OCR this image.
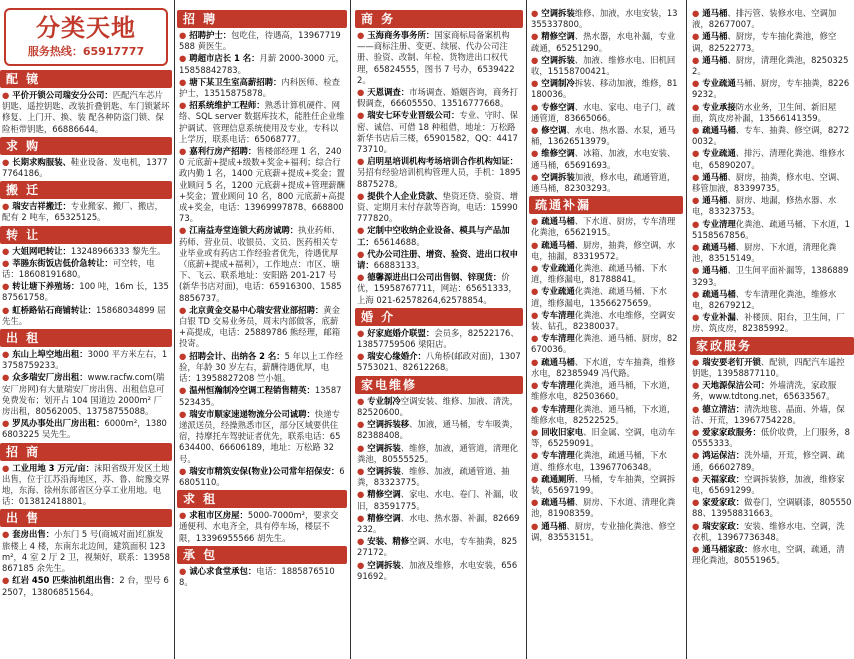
分类天地
服务热线：65917777
配 镜
● 平价开锁公司瑞安分公司：匹配汽车芯片钥匙、遥控钥匙、改装折叠钥匙、车门锁紧坏修复、上门开、换、装 配各种防盗门锁、保险柜带钥匙，66886644。
求 购
● 长期求购服装、鞋业设备、发电机，13777764186。
搬 迁
● 瑞安吉祥搬迁：专业搬家、搬厂、搬店，配有 2 吨车，65325125。
转 让
● 大姐网吧转让：13248966333 黎先生。
● 莘塍东街饭店低价急转让：可空转，电话：18608191680。
● 转让塘下养殖场：100 吨，16m 长，13587561758。
● 虹桥路钻石商铺转让：15868034899 屈先生。
出 租
● 东山上埠空地出租：3000 平方米左右，13758759233。
● 众多瑞安厂房出租：www.racfw.com(瑞安厂房网)有大量瑞安厂房出售、出租信息可免费发布；划开占 104 国道边 2000m² 厂房出租，80562005、13758755088。
● 罗凤办事处出厂房出租：6000m²，13806803225 吴先生。
招 商
● 工业用地 3 万元/亩：沫阳省级开发区土地出售，位于江苏沿海地区，苏、鲁、皖豫交界地，东海、徐州东部省区分享工业用地。电话：013812418801。
出 售
● 套房出售：小东门 5 号(商城对面)红旗发旅楼上 4 楼，东南东北边间，建筑面积 123m²，4 室 2 厅 2 卫，视频好，联系：13958867185 余先生。
● 红岩 450 匹柴油机组出售：2 台，型号 62507，13806851564。
招 聘
● 招聘护士：包吃住，待遇高，13967719588 黄医生。
● 聘超市店长 1 名：月薪 2000-3000 元，15858842783。
● 塘下某卫生室高薪招聘：内科医师、检查护士，13515875878。
● 招系统维护工程师：熟悉计算机硬件、网络、SQL server 数据库技术，能胜任企业维护调试、管理信息系统使用及专业，专科以上学历，联系电话：65068777。
● 嘉利行房产招聘：售楼部经理 1 名，2400 元底薪+提成+级数+奖金+福利；综合行政内勤 1 名，1400 元底薪+提成+奖金；置业顾问 5 名，1200 元底薪+提成+管理薪酬+奖金；置业顾问 10 名，800 元底薪+高提成+奖金，电话：13969997878、66880073。
● 江南益寿堂连锁大药房诚聘：执业药师、药师、营业员、收银员、文员、医药相关专业毕业或有药店工作经验者优先，待遇优厚（底薪+提成+福利），工作地点：市区、塘下、飞云、联系地址：安阳路 201-217 号(新华书店对面)，电话：65916300、15858856737。
● 北京黄金交易中心瑞安营业部招聘：黄金白银 TD 交易业务员，周末内部做客，底薪+高提成，电话：25889786 熊经理，邮箱投寄。
● 招聘会计、出纳各 2 名：5 年以上工作经验，年龄 30 岁左右，薪酬待遇优厚，电话：13958827208 竺小姐。
● 温州恒瀚制冷空调工程销售精英：13587523435。
● 瑞安市顺家速递物流分公司诚聘：快递专递派送员，经操熟悉市区，部分区域要供住宿，持摩托车驾驶证者优先，联系电话：65634400、66606189，地址：万松路 32 号。
● 瑞安市精筑安保(物业)公司常年招保安：66805110。
求 租
● 求租市区房屋：5000-7000m²，要求交通便利、水电齐全，具有停车场，楼层不限，13396955566 胡先生。
承 包
● 诚心求食堂承包：电话：18858765108。
商 务
● 玉海商务事务所：国家商标局备案机构——商标注册、变更、续展、代办公司注册、验资、改制、年检、货物进出口权代理，65824555，图书 7 号办，65394222。
● 天恩调查：市场调查、婚姻咨询，商务打假调查，66605550、13516777668。
● 瑞安七环专业晋级公司：专业、守时、保密、诚信、可借 18 种租借，地址：万松路新华书店后三楼，65901582，QQ：441773710。
● 启明星培训机构考场培训合作机构知证：另招有经验培训机构管理人员，手机：18958875278。
● 提供个人企业贷款、垫资还贷、验资、增资、定期月末付存款等咨询，电话：15990777820。
● 定制中空收纳企业设备、模具与产品加工：65614688。
● 代办公司注册、增资、验资、进出口权申请：66883133。
● 德馨源进出口公司出售钢、锌现货：价优，15958767711，网站：65651333，上海 021-62578264,62578854。
婚 介
● 好家庭婚介联盟：会员多，82522176、13857759506 梁阳店。
● 瑞安心缘婚介：八角桥(邮政对面)，13075753021、82612268。
家电维修
● 专业制冷空调安装、维修、加液、清洗，82520600。
● 空调拆装移、加液，通马桶，专车吸粪，82388408。
● 空调拆装、维修，加液，通管道，清理化粪池，80555525。
● 空调拆装、维修、加液，疏通管道、抽粪，83323775。
● 精修空调、家电、水电、卷门、补漏，收旧，83591775。
● 精修空调、水电、热水器、补漏，82669232。
● 安装、精修空调、水电，专车抽粪，82527172。
● 空调拆装、加液及维修，水电安装，65691692。
● 空调拆装维修、加液，水电安装，13355337800。
● 精修空调、热水器，水电补漏，专业疏通，65251290。
● 空调拆装、加液、维修水电、旧机回收，15158700421。
● 空调制冷拆装、移动加液，维修，81180036。
● 专修空调、水电、家电、电子门，疏通管道，83665066。
● 修空调、水电、热水器、水泵，通马桶，13626513979。
● 维修空调、冰箱、加液，水电安装、通马桶，65691693。
● 空调拆装加液，修水电，疏通管道，通马桶，82303293。
疏通补漏
● 疏通马桶、下水道、厨房，专车清理化粪池，65621915。
● 疏通马桶、厨房，抽粪，修空调，水电，抽漏，83319572。
● 专业疏通化粪池、疏通马桶、下水道，维修漏电，81788841。
● 专业疏通化粪池、疏通马桶、下水道，维修漏电，13566275659。
● 专车清理化粪池、水电维修，空调安装、钻孔，82380037。
● 专车清理化粪池、通马桶、厨房，82670036。
● 疏通马桶、下水道，专车抽粪，维修水电，82385949 冯代路。
● 专车清理化粪池，通马桶，下水道，维修水电，82503660。
● 专车清理化粪池、通马桶，下水道，维修水电，82522525。
● 回收旧家电、旧金属、空调，电动车等，65259091。
● 专车清理化粪池，疏通马桶，下水道、维修水电，13967706348。
● 疏通厕所、马桶，专车抽粪，空调拆装，65697199。
● 疏通马桶、厨房、下水道、清理化粪池，81908359。
● 通马桶、厨房，专业抽化粪池、修空调，83553151。
● 通马桶、排污管、装修水电、空调加液，82677007。
● 通马桶、厨房，专车抽化粪池，修空调，82522773。
● 通马桶、厨房，清理化粪池，82503252。
● 专业疏通马桶、厨房，专车抽粪，82269232。
● 专业承接防水业务，卫生间、新旧屋面，筑皮房补漏，13566141359。
● 疏通马桶、专车、抽粪、修空调，82720032。
● 专业疏通、排污、清理化粪池、维修水电，65890207。
● 通马桶、厨房，抽粪，修水电、空调、移管加液，83399735。
● 通马桶、厨房、地漏，修热水器、水电，83323753。
● 专业清理化粪池、疏通马桶、下水道，15158567856。
● 疏通马桶、厨房、下水道，清理化粪池，83515149。
● 通马桶、卫生间平面补漏等，13868893293。
● 疏通马桶、专车清理化粪池，维修水电，82679212。
● 专业补漏、补楼顶、阳台，卫生间，厂房、筑皮房，82385992。
家政服务
● 瑞安要老钉开锁、配锁，四配汽车遥控钥匙，13958877110。
● 天地源保洁公司：外墙清洗，家政服务，www.tdtong.net，65633567。
● 德立清洁：清洗地毯、晶面、外墙，保洁、开荒，13967754228。
● 爱家家政服务：低价收费，上门服务，80555333。
● 鸿运保洁：洗外墙，开荒，修空调、疏通，66602789。
● 天福家政：空调拆装修，加液，维修家电，65691299。
● 家爱家政：做卷门，空调刷漆，80555088、13958831663。
● 瑞安家政：安装、维修水电、空调，洗衣机，13967736348。
● 通马桶家政：修水电，空调，疏通，清理化粪池，80551965。
